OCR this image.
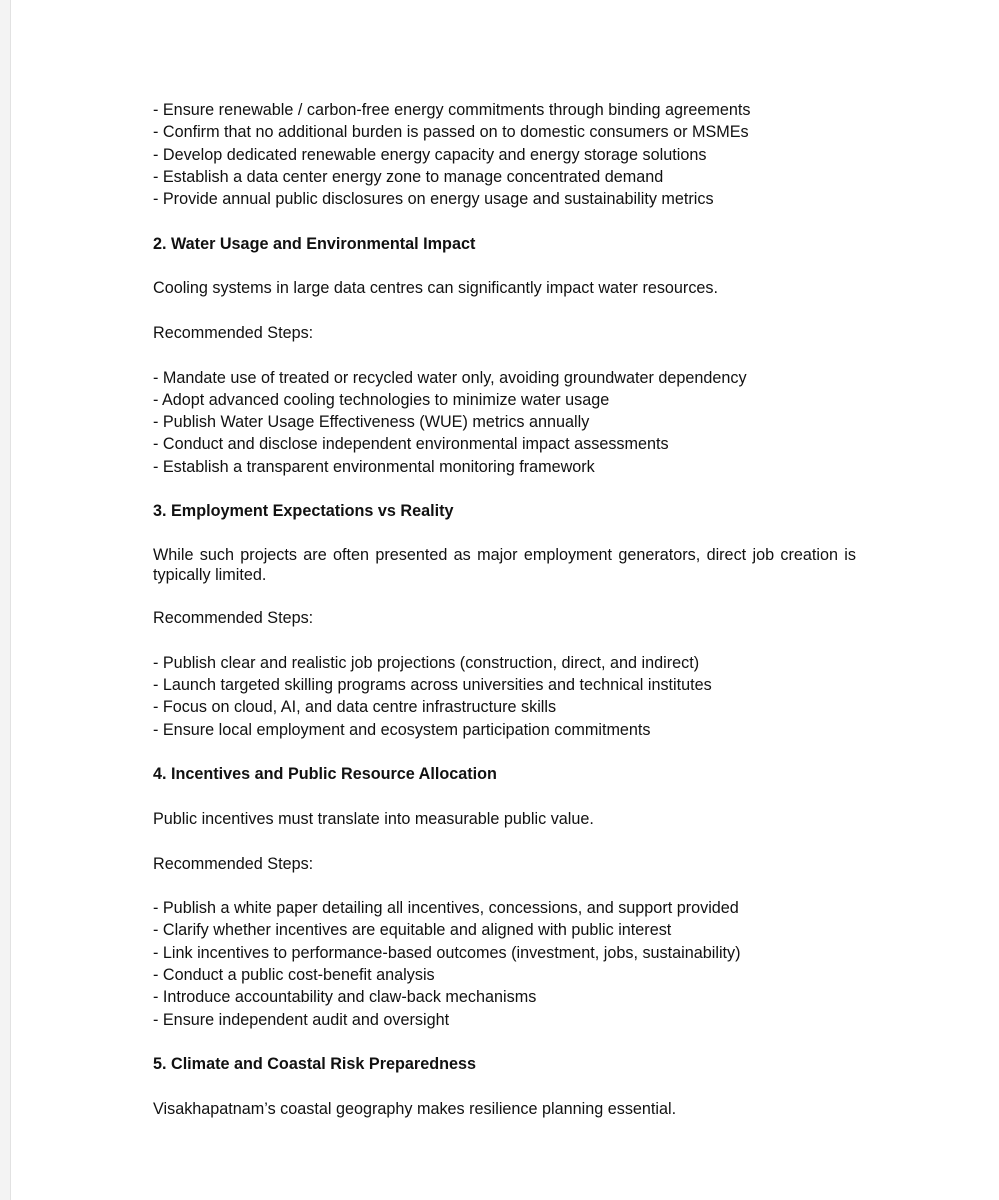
- Ensure renewable / carbon-free energy commitments through binding agreements
- Confirm that no additional burden is passed on to domestic consumers or MSMEs
- Develop dedicated renewable energy capacity and energy storage solutions
- Establish a data center energy zone to manage concentrated demand
- Provide annual public disclosures on energy usage and sustainability metrics
2. Water Usage and Environmental Impact
Cooling systems in large data centres can significantly impact water resources.
Recommended Steps:
- Mandate use of treated or recycled water only, avoiding groundwater dependency
- Adopt advanced cooling technologies to minimize water usage
- Publish Water Usage Effectiveness (WUE) metrics annually
- Conduct and disclose independent environmental impact assessments
- Establish a transparent environmental monitoring framework
3. Employment Expectations vs Reality
While such projects are often presented as major employment generators, direct job creation is typically limited.
Recommended Steps:
- Publish clear and realistic job projections (construction, direct, and indirect)
- Launch targeted skilling programs across universities and technical institutes
- Focus on cloud, AI, and data centre infrastructure skills
- Ensure local employment and ecosystem participation commitments
4. Incentives and Public Resource Allocation
Public incentives must translate into measurable public value.
Recommended Steps:
- Publish a white paper detailing all incentives, concessions, and support provided
- Clarify whether incentives are equitable and aligned with public interest
- Link incentives to performance-based outcomes (investment, jobs, sustainability)
- Conduct a public cost-benefit analysis
- Introduce accountability and claw-back mechanisms
- Ensure independent audit and oversight
5. Climate and Coastal Risk Preparedness
Visakhapatnam’s coastal geography makes resilience planning essential.
